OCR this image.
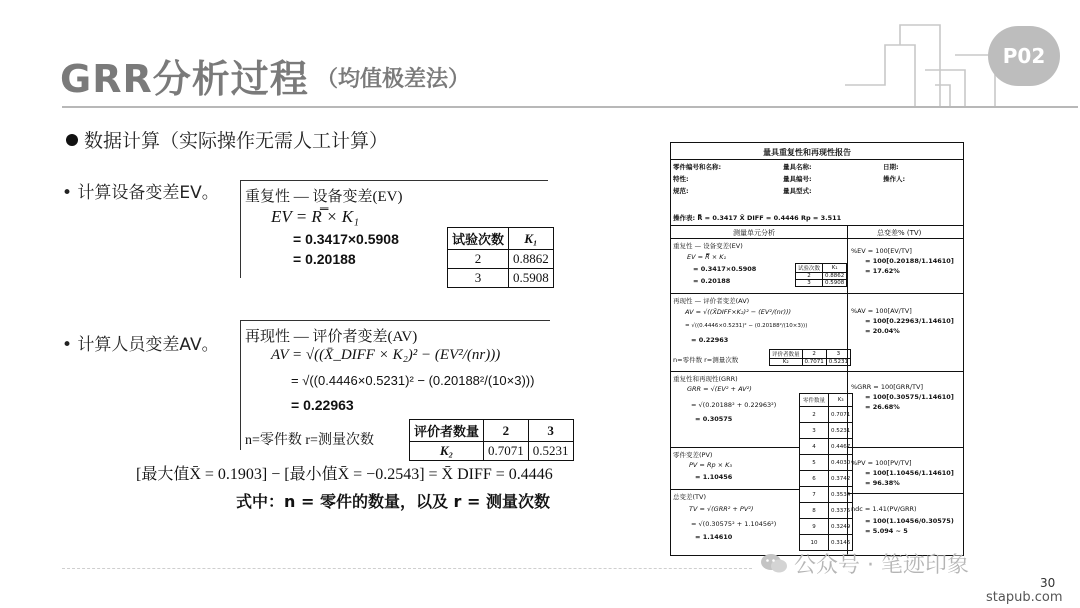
GRR分析过程 （均值极差法）
P02
数据计算（实际操作无需人工计算）
• 计算设备变差EV。
• 计算人员变差AV。
重复性 — 设备变差(EV)
EV = R̿ × K₁
= 0.3417×0.5908
= 0.20188
试验次数	K₁
2	0.8862
3	0.5908
再现性 — 评价者变差(AV)
AV = √((X̄_DIFF × K₂)² − (EV²/(nr)))
= √((0.4446×0.5231)² − (0.20188²/(10×3)))
= 0.22963
n=零件数 r=测量次数
评价者数量	2	3
K₂	0.7071	0.5231
[最大值X̄ = 0.1903] − [最小值X̄ = −0.2543] = X̄ DIFF = 0.4446
式中：n = 零件的数量，以及 r = 测量次数
量具重复性和再现性报告
零件编号和名称:	量具名称:	日期:
特性:	量具编号:	操作人:
规范:	量具型式:
操作表: R̿ = 0.3417 X̄ DIFF = 0.4446 Rp = 3.511
测量单元分析	总变差% (TV)
重复性 — 设备变差(EV)
EV = R̿ × K₁
= 0.3417×0.5908
= 0.20188
试验次数	K₁
2	0.8862
3	0.5908
%EV = 100[EV/TV]
= 100[0.20188/1.14610]
= 17.62%
再现性 — 评价者变差(AV)
AV = √((X̄DIFF×K₂)² − (EV²/(nr)))
= √((0.4446×0.5231)² − (0.20188²/(10×3)))
= 0.22963
n=零件数 r=测量次数
评价者数量	2	3
K₂	0.7071	0.5231
%AV = 100[AV/TV]
= 100[0.22963/1.14610]
= 20.04%
重复性和再现性(GRR)
GRR = √(EV² + AV²)
= √(0.20188² + 0.22963²)
= 0.30575
%GRR = 100[GRR/TV]
= 100[0.30575/1.14610]
= 26.68%
零件变差(PV)
PV = Rp × K₃
= 1.10456
%PV = 100[PV/TV]
= 100[1.10456/1.14610]
= 96.38%
总变差(TV)
TV = √(GRR² + PV²)
= √(0.30575² + 1.10456²)
= 1.14610
ndc = 1.41(PV/GRR)
= 100(1.10456/0.30575)
= 5.094 ~ 5
零件数量	K₃
2	0.7071
3	0.5231
4	0.4467
5	0.4030
6	0.3742
7	0.3534
8	0.3375
9	0.3249
10	0.3146
公众号 · 笔迹印象
30
stapub.com
